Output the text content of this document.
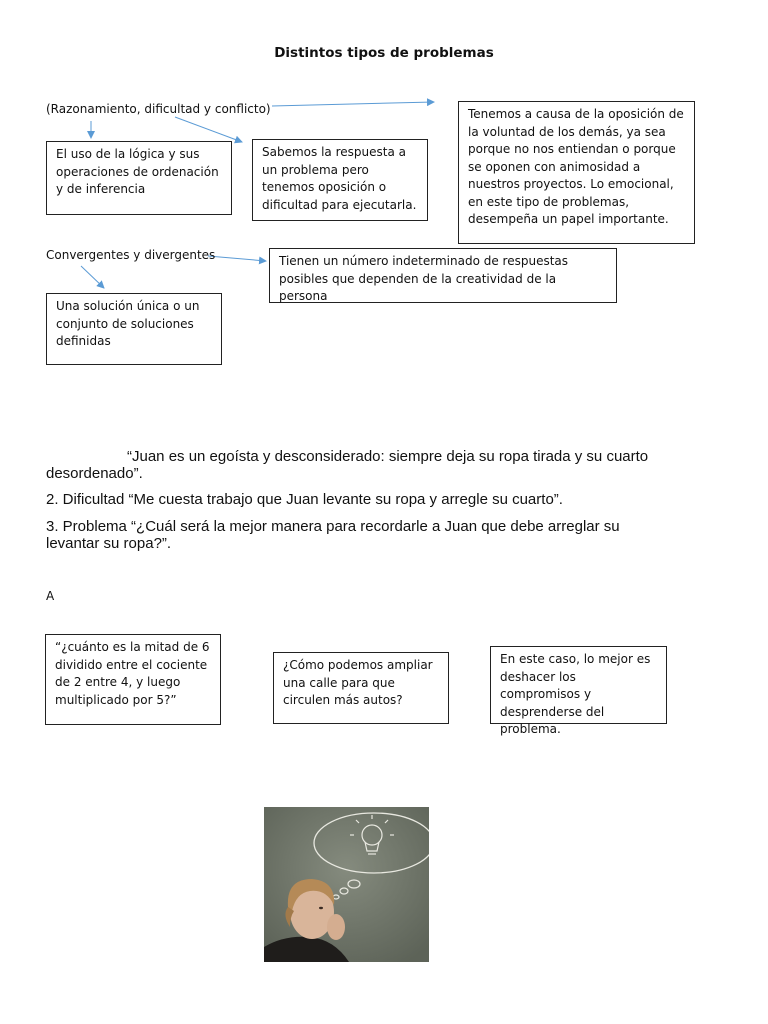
Distintos tipos de problemas
(Razonamiento, dificultad y conflicto)
El uso de la lógica y sus operaciones de ordenación y de inferencia
Sabemos la respuesta a un problema pero tenemos oposición o dificultad para ejecutarla.
Tenemos a causa de la oposición de la voluntad de los demás, ya sea porque no nos entiendan o porque se oponen con animosidad a nuestros proyectos. Lo emocional, en este tipo de problemas, desempeña un papel importante.
Convergentes y divergentes	Tienen un número indeterminado de respuestas posibles que dependen de la creatividad de la persona
Una solución única o un conjunto de soluciones definidas
“Juan es un egoísta y desconsiderado: siempre deja su ropa tirada y su cuarto desordenado”.
2. Dificultad “Me cuesta trabajo que Juan levante su ropa y arregle su cuarto”.
3. Problema “¿Cuál será la mejor manera para recordarle a Juan que debe arreglar su levantar su ropa?”.
A
“¿cuánto es la mitad de 6 dividido entre el cociente de 2 entre 4, y luego multiplicado por 5?”
¿Cómo podemos ampliar una calle para que circulen más autos?
En este caso, lo mejor es deshacer los compromisos y desprenderse del problema.
